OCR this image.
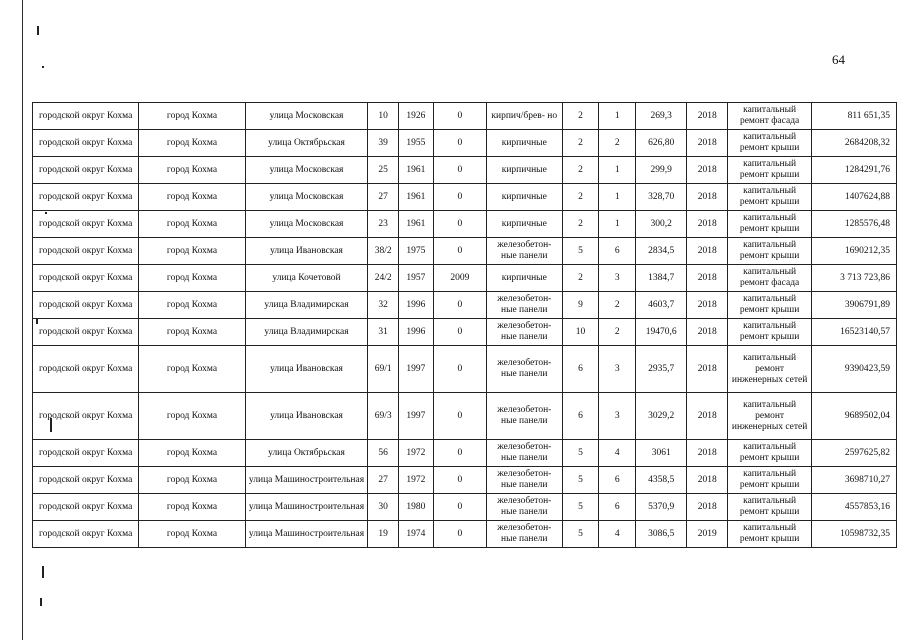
64
городской округ Кохма	город Кохма	улица Московская	10	1926	0	кирпич/брев- но	2	1	269,3	2018	капитальный ремонт фасада	811 651,35
городской округ Кохма	город Кохма	улица Октябрьская	39	1955	0	кирпичные	2	2	626,80	2018	капитальный ремонт крыши	2684208,32
городской округ Кохма	город Кохма	улица Московская	25	1961	0	кирпичные	2	1	299,9	2018	капитальный ремонт крыши	1284291,76
городской округ Кохма	город Кохма	улица Московская	27	1961	0	кирпичные	2	1	328,70	2018	капитальный ремонт крыши	1407624,88
городской округ Кохма	город Кохма	улица Московская	23	1961	0	кирпичные	2	1	300,2	2018	капитальный ремонт крыши	1285576,48
городской округ Кохма	город Кохма	улица Ивановская	38/2	1975	0	железобетон- ные панели	5	6	2834,5	2018	капитальный ремонт крыши	1690212,35
городской округ Кохма	город Кохма	улица Кочетовой	24/2	1957	2009	кирпичные	2	3	1384,7	2018	капитальный ремонт фасада	3 713 723,86
городской округ Кохма	город Кохма	улица Владимирская	32	1996	0	железобетон- ные панели	9	2	4603,7	2018	капитальный ремонт крыши	3906791,89
городской округ Кохма	город Кохма	улица Владимирская	31	1996	0	железобетон- ные панели	10	2	19470,6	2018	капитальный ремонт крыши	16523140,57
городской округ Кохма	город Кохма	улица Ивановская	69/1	1997	0	железобетон- ные панели	6	3	2935,7	2018	капитальный ремонт инженерных сетей	9390423,59
городской округ Кохма	город Кохма	улица Ивановская	69/3	1997	0	железобетон- ные панели	6	3	3029,2	2018	капитальный ремонт инженерных сетей	9689502,04
городской округ Кохма	город Кохма	улица Октябрьская	56	1972	0	железобетон- ные панели	5	4	3061	2018	капитальный ремонт крыши	2597625,82
городской округ Кохма	город Кохма	улица Машиностроительная	27	1972	0	железобетон- ные панели	5	6	4358,5	2018	капитальный ремонт крыши	3698710,27
городской округ Кохма	город Кохма	улица Машиностроительная	30	1980	0	железобетон- ные панели	5	6	5370,9	2018	капитальный ремонт крыши	4557853,16
городской округ Кохма	город Кохма	улица Машиностроительная	19	1974	0	железобетон- ные панели	5	4	3086,5	2019	капитальный ремонт крыши	10598732,35
